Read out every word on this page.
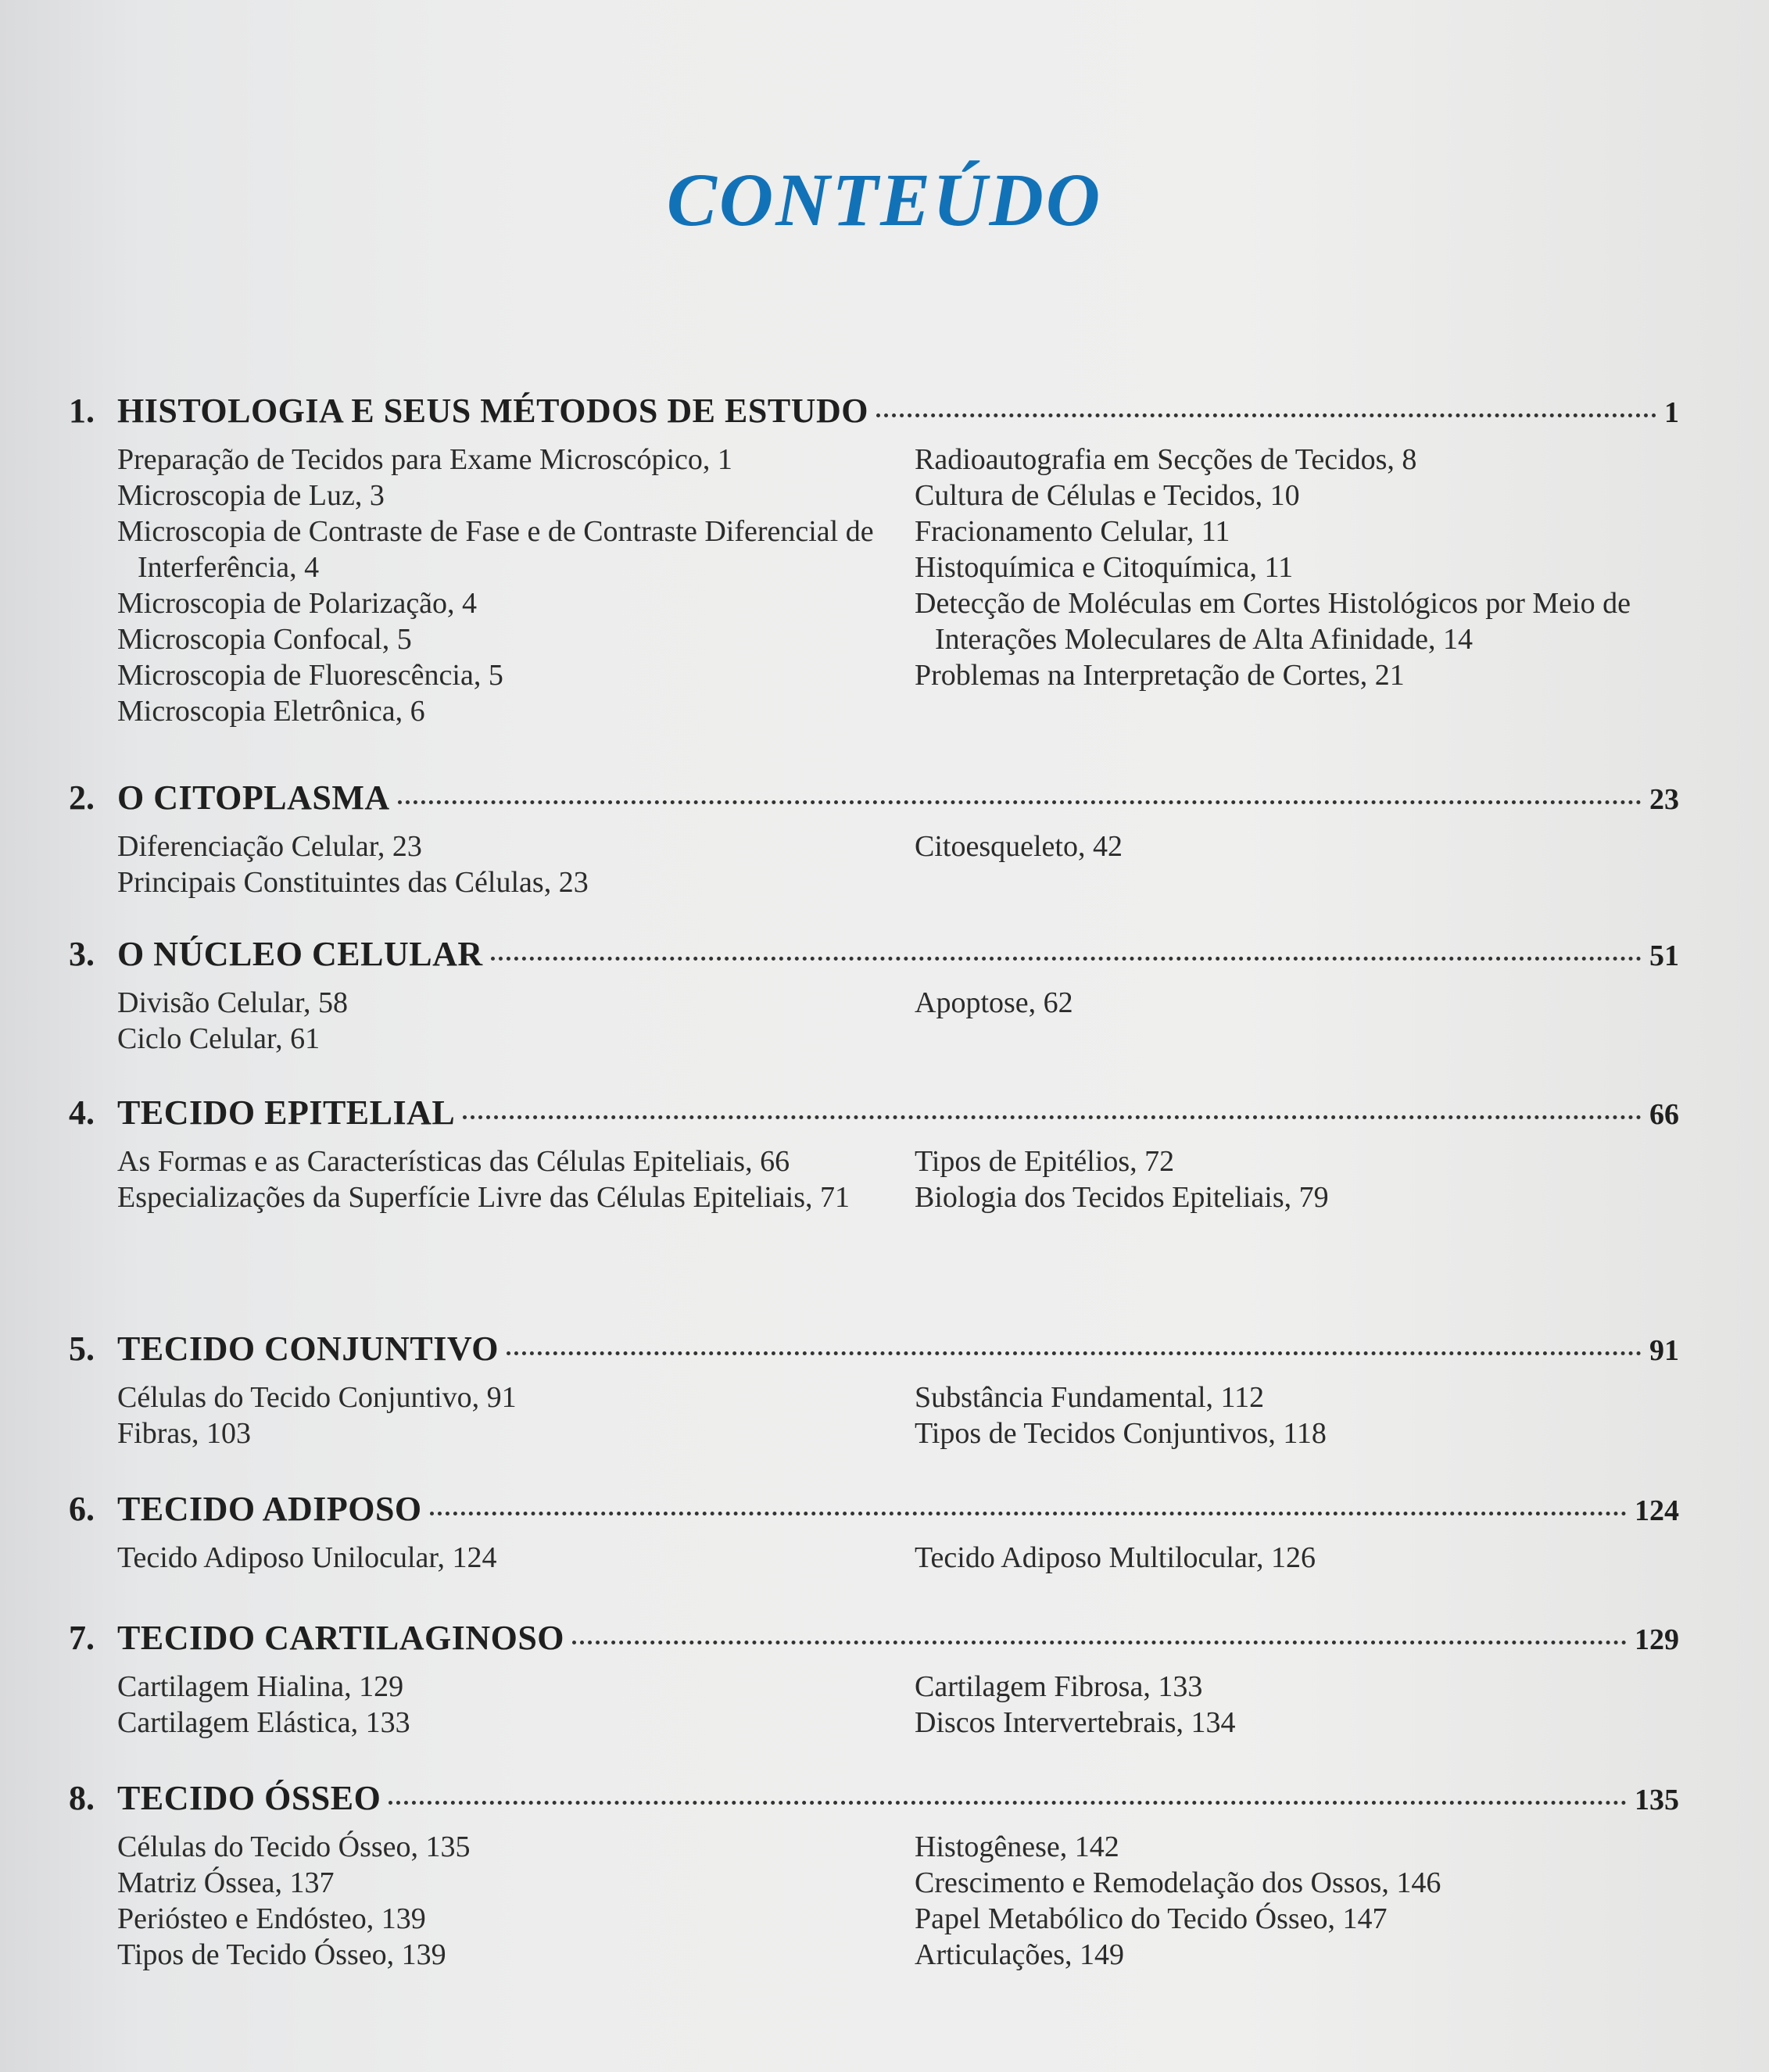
CONTEÚDO
1. HISTOLOGIA E SEUS MÉTODOS DE ESTUDO	1
Preparação de Tecidos para Exame Microscópico, 1
Microscopia de Luz, 3
Microscopia de Contraste de Fase e de Contraste Diferencial de Interferência, 4
Microscopia de Polarização, 4
Microscopia Confocal, 5
Microscopia de Fluorescência, 5
Microscopia Eletrônica, 6
Radioautografia em Secções de Tecidos, 8
Cultura de Células e Tecidos, 10
Fracionamento Celular, 11
Histoquímica e Citoquímica, 11
Detecção de Moléculas em Cortes Histológicos por Meio de Interações Moleculares de Alta Afinidade, 14
Problemas na Interpretação de Cortes, 21
2. O CITOPLASMA	23
Diferenciação Celular, 23
Principais Constituintes das Células, 23
Citoesqueleto, 42
3. O NÚCLEO CELULAR	51
Divisão Celular, 58
Ciclo Celular, 61
Apoptose, 62
4. TECIDO EPITELIAL	66
As Formas e as Características das Células Epiteliais, 66
Especializações da Superfície Livre das Células Epiteliais, 71
Tipos de Epitélios, 72
Biologia dos Tecidos Epiteliais, 79
5. TECIDO CONJUNTIVO	91
Células do Tecido Conjuntivo, 91
Fibras, 103
Substância Fundamental, 112
Tipos de Tecidos Conjuntivos, 118
6. TECIDO ADIPOSO	124
Tecido Adiposo Unilocular, 124	Tecido Adiposo Multilocular, 126
7. TECIDO CARTILAGINOSO	129
Cartilagem Hialina, 129
Cartilagem Elástica, 133
Cartilagem Fibrosa, 133
Discos Intervertebrais, 134
8. TECIDO ÓSSEO	135
Células do Tecido Ósseo, 135
Matriz Óssea, 137
Periósteo e Endósteo, 139
Tipos de Tecido Ósseo, 139
Histogênese, 142
Crescimento e Remodelação dos Ossos, 146
Papel Metabólico do Tecido Ósseo, 147
Articulações, 149
